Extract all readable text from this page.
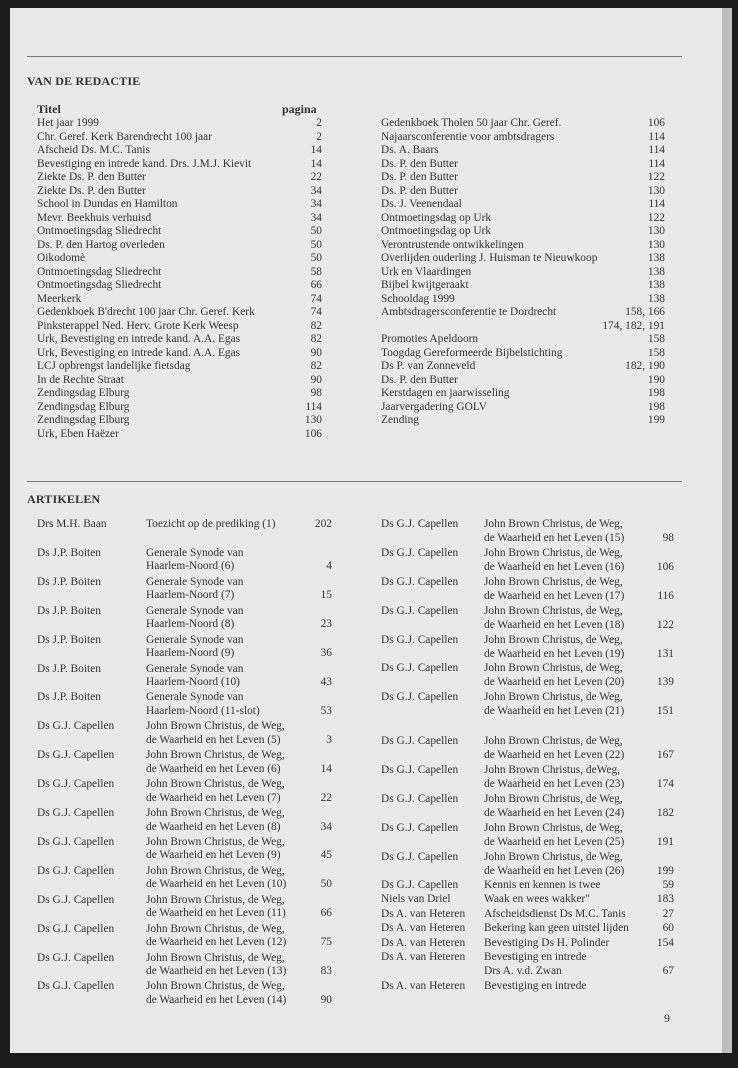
VAN DE REDACTIE
Titel	pagina
Het jaar 1999	2
Chr. Geref. Kerk Barendrecht 100 jaar	2
Afscheid Ds. M.C. Tanis	14
Bevestiging en intrede kand. Drs. J.M.J. Kievit	14
Ziekte Ds. P. den Butter	22
Ziekte Ds. P. den Butter	34
School in Dundas en Hamilton	34
Mevr. Beekhuis verhuisd	34
Ontmoetingsdag Sliedrecht	50
Ds. P. den Hartog overleden	50
Oikodomè	50
Ontmoetingsdag Sliedrecht	58
Ontmoetingsdag Sliedrecht	66
Meerkerk	74
Gedenkboek B'drecht 100 jaar Chr. Geref. Kerk	74
Pinksterappel Ned. Herv. Grote Kerk Weesp	82
Urk, Bevestiging en intrede kand. A.A. Egas	82
Urk, Bevestiging en intrede kand. A.A. Egas	90
LCJ opbrengst landelijke fietsdag	82
In de Rechte Straat	90
Zendingsdag Elburg	98
Zendingsdag Elburg	114
Zendingsdag Elburg	130
Urk, Eben Haëzer	106
Gedenkboek Tholen 50 jaar Chr. Geref.	106
Najaarsconferentie voor ambtsdragers	114
Ds. A. Baars	114
Ds. P. den Butter	114
Ds. P. den Butter	122
Ds. P. den Butter	130
Ds. J. Veenendaal	114
Ontmoetingsdag op Urk	122
Ontmoetingsdag op Urk	130
Verontrustende ontwikkelingen	130
Overlijden ouderling J. Huisman te Nieuwkoop	138
Urk en Vlaardingen	138
Bijbel kwijtgeraakt	138
Schooldag 1999	138
Ambtsdragersconferentie te Dordrecht	158, 166
174, 182, 191
Promoties Apeldoorn	158
Toogdag Gereformeerde Bijbelstichting	158
Ds P. van Zonneveld	182, 190
Ds. P. den Butter	190
Kerstdagen en jaarwisseling	198
Jaarvergadering GOLV	198
Zending	199
ARTIKELEN
Drs M.H. Baan	Toezicht op de prediking (1)	202
Ds J.P. Boiten	Generale Synode van
Haarlem-Noord (6)	4
Ds J.P. Boiten	Generale Synode van
Haarlem-Noord (7)	15
Ds J.P. Boiten	Generale Synode van
Haarlem-Noord (8)	23
Ds J.P. Boiten	Generale Synode van
Haarlem-Noord (9)	36
Ds J.P. Boiten	Generale Synode van
Haarlem-Noord (10)	43
Ds J.P. Boiten	Generale Synode van
Haarlem-Noord (11-slot)	53
Ds G.J. Capellen	John Brown Christus, de Weg,
de Waarheid en het Leven (5)	3
Ds G.J. Capellen	John Brown Christus, de Weg,
de Waarheid en het Leven (6)	14
Ds G.J. Capellen	John Brown Christus, de Weg,
de Waarheid en het Leven (7)	22
Ds G.J. Capellen	John Brown Christus, de Weg,
de Waarheid en het Leven (8)	34
Ds G.J. Capellen	John Brown Christus, de Weg,
de Waarheid en het Leven (9)	45
Ds G.J. Capellen	John Brown Christus, de Weg,
de Waarheid en het Leven (10)	50
Ds G.J. Capellen	John Brown Christus, de Weg,
de Waarheid en het Leven (11)	66
Ds G.J. Capellen	John Brown Christus, de Weg,
de Waarheid en het Leven (12)	75
Ds G.J. Capellen	John Brown Christus, de Weg,
de Waarheid en het Leven (13)	83
Ds G.J. Capellen	John Brown Christus, de Weg,
de Waarheid en het Leven (14)	90
Ds G.J. Capellen John Brown Christus, de Weg,
de Waarheid en het Leven (15)	98
Ds G.J. Capellen John Brown Christus, de Weg,
de Waarheid en het Leven (16)	106
Ds G.J. Capellen John Brown Christus, de Weg,
de Waarheid en het Leven (17)	116
Ds G.J. Capellen John Brown Christus, de Weg,
de Waarheid en het Leven (18)	122
Ds G.J. Capellen John Brown Christus, de Weg,
de Waarheid en het Leven (19)	131
Ds G.J. Capellen John Brown Christus, de Weg,
de Waarheid en het Leven (20)	139
Ds G.J. Capellen John Brown Christus, de Weg,
de Waarheid en het Leven (21)	151
Ds G.J. Capellen John Brown Christus, de Weg,
de Waarheid en het Leven (22)	167
Ds G.J. Capellen John Brown Christus, deWeg,
de Waarheid en het Leven (23)	174
Ds G.J. Capellen John Brown Christus, de Weg,
de Waarheid en het Leven (24)	182
Ds G.J. Capellen John Brown Christus, de Weg,
de Waarheid en het Leven (25)	191
Ds G.J. Capellen John Brown Christus, de Weg,
de Waarheid en het Leven (26)	199
Ds G.J. Capellen Kennis en kennen is twee	59
Niels van Driel	Waak en wees wakker"	183
Ds A. van Heteren Afscheidsdienst Ds M.C. Tanis	27
Ds A. van Heteren Bekering kan geen uitstel lijden	60
Ds A. van Heteren Bevestiging Ds H. Polinder	154
Ds A. van Heteren Bevestiging en intrede
Drs A. v.d. Zwan	67
Ds A. van Heteren Bevestiging en intrede
9
